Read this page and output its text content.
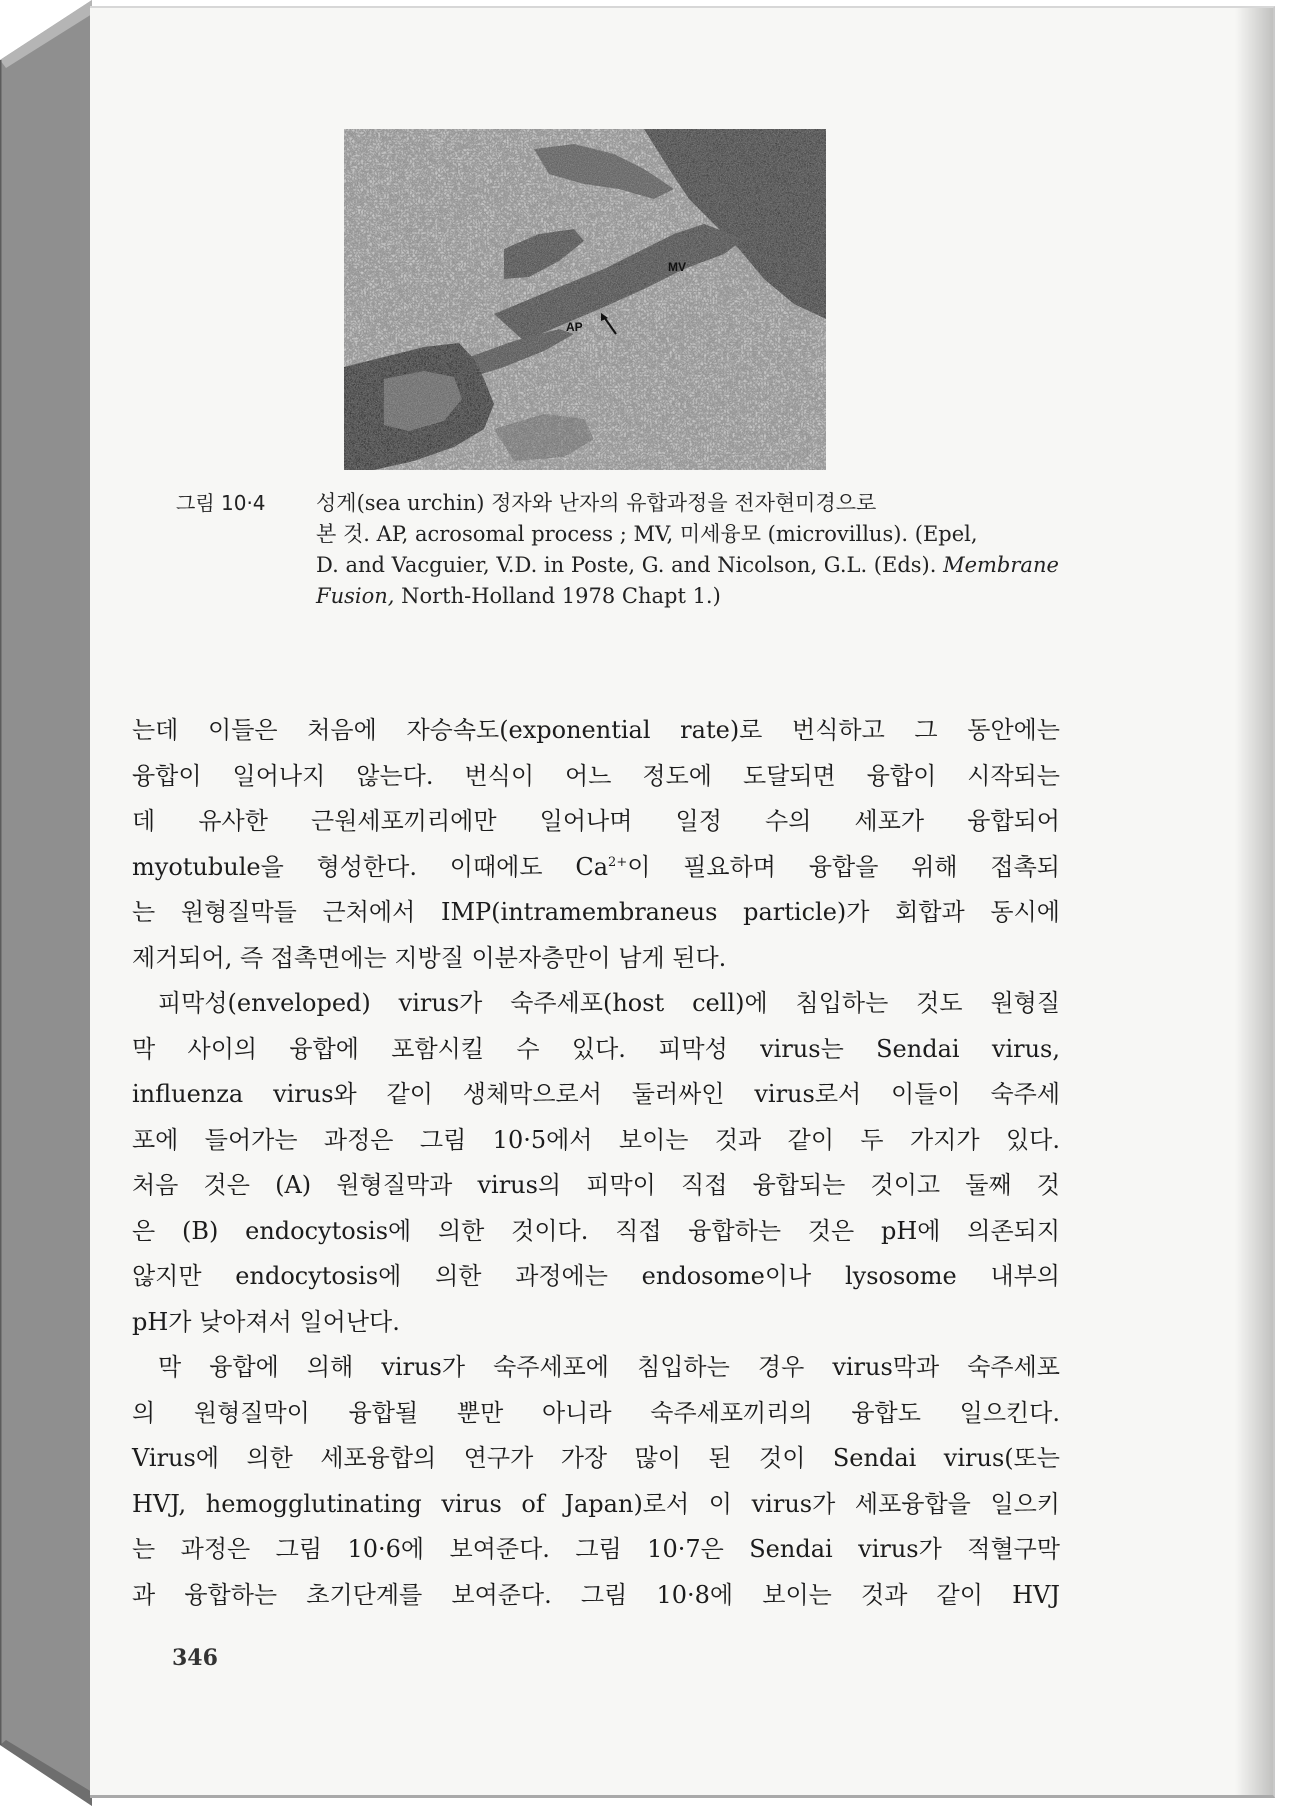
MV
AP
그림 10·4 성게(sea urchin) 정자와 난자의 유합과정을 전자현미경으로
본 것. AP, acrosomal process ; MV, 미세융모 (microvillus). (Epel,
D. and Vacguier, V.D. in Poste, G. and Nicolson, G.L. (Eds). Membrane
Fusion, North-Holland 1978 Chapt 1.)
는데 이들은 처음에 자승속도(exponential rate)로 번식하고 그 동안에는
융합이 일어나지 않는다. 번식이 어느 정도에 도달되면 융합이 시작되는
데 유사한 근원세포끼리에만 일어나며 일정 수의 세포가 융합되어
myotubule을 형성한다. 이때에도 $Ca^{2+}$이 필요하며 융합을 위해 접촉되
는 원형질막들 근처에서 IMP(intramembraneus particle)가 회합과 동시에
제거되어, 즉 접촉면에는 지방질 이분자층만이 남게 된다.
피막성(enveloped) virus가 숙주세포(host cell)에 침입하는 것도 원형질
막 사이의 융합에 포함시킬 수 있다. 피막성 virus는 Sendai virus,
influenza virus와 같이 생체막으로서 둘러싸인 virus로서 이들이 숙주세
포에 들어가는 과정은 그림 10·5에서 보이는 것과 같이 두 가지가 있다.
처음 것은 (A) 원형질막과 virus의 피막이 직접 융합되는 것이고 둘째 것
은 (B) endocytosis에 의한 것이다. 직접 융합하는 것은 pH에 의존되지
않지만 endocytosis에 의한 과정에는 endosome이나 lysosome 내부의
pH가 낮아져서 일어난다.
막 융합에 의해 virus가 숙주세포에 침입하는 경우 virus막과 숙주세포
의 원형질막이 융합될 뿐만 아니라 숙주세포끼리의 융합도 일으킨다.
Virus에 의한 세포융합의 연구가 가장 많이 된 것이 Sendai virus(또는
HVJ, hemogglutinating virus of Japan)로서 이 virus가 세포융합을 일으키
는 과정은 그림 10·6에 보여준다. 그림 10·7은 Sendai virus가 적혈구막
과 융합하는 초기단계를 보여준다. 그림 10·8에 보이는 것과 같이 HVJ
346
